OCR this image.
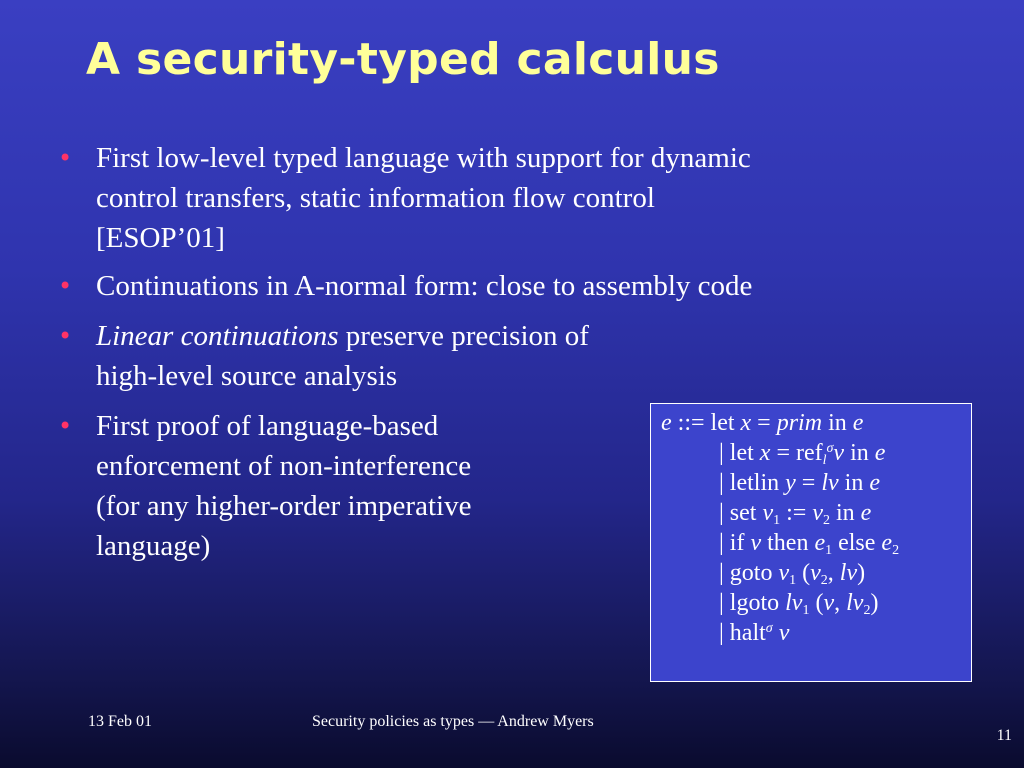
A security-typed calculus
• First low-level typed language with support for dynamic
control transfers, static information flow control
[ESOP’01]
• Continuations in A-normal form: close to assembly code
• Linear continuations preserve precision of
high-level source analysis
• First proof of language-based
enforcement of non-interference
(for any higher-order imperative
language)
e ::= let x = prim in e
| let x = ref$_l^\sigma$v in e
| letlin y = lv in e
| set $v_1$ := $v_2$ in e
| if v then $e_1$ else $e_2$
| goto $v_1$ ($v_2$, lv)
| lgoto $lv_1$ (v, $lv_2$)
| halt$^\sigma$ v
13 Feb 01	Security policies as types — Andrew Myers
11
